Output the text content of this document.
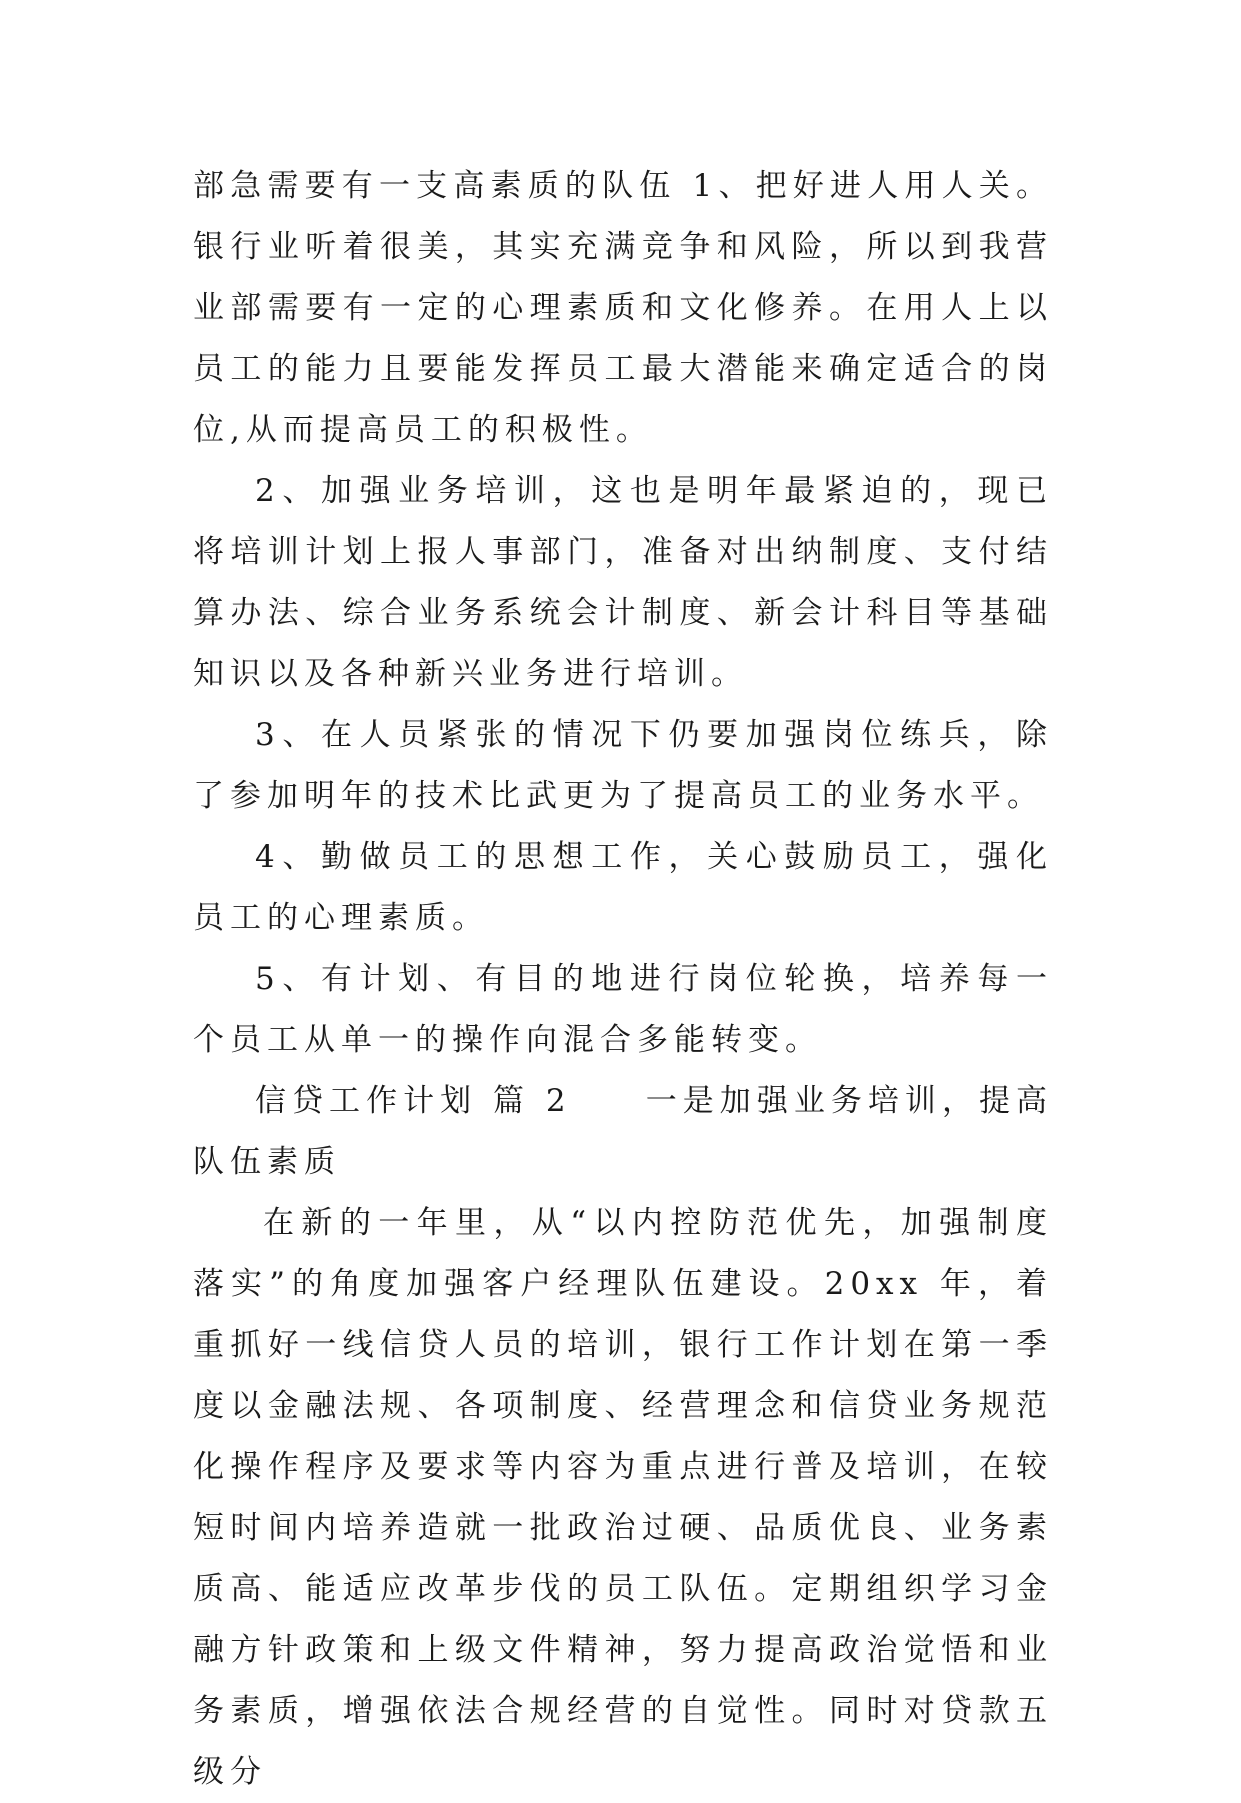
部急需要有一支高素质的队伍 1、把好进人用人关。银行业听着很美，其实充满竞争和风险，所以到我营业部需要有一定的心理素质和文化修养。在用人上以员工的能力且要能发挥员工最大潜能来确定适合的岗位,从而提高员工的积极性。

2、加强业务培训，这也是明年最紧迫的，现已将培训计划上报人事部门，准备对出纳制度、支付结算办法、综合业务系统会计制度、新会计科目等基础知识以及各种新兴业务进行培训。

3、在人员紧张的情况下仍要加强岗位练兵，除了参加明年的技术比武更为了提高员工的业务水平。

4、勤做员工的思想工作，关心鼓励员工，强化员工的心理素质。

5、有计划、有目的地进行岗位轮换，培养每一个员工从单一的操作向混合多能转变。

信贷工作计划 篇 2　　一是加强业务培训，提高队伍素质

在新的一年里，从“以内控防范优先，加强制度落实”的角度加强客户经理队伍建设。20xx 年，着重抓好一线信贷人员的培训，银行工作计划在第一季度以金融法规、各项制度、经营理念和信贷业务规范化操作程序及要求等内容为重点进行普及培训，在较短时间内培养造就一批政治过硬、品质优良、业务素质高、能适应改革步伐的员工队伍。定期组织学习金融方针政策和上级文件精神，努力提高政治觉悟和业务素质，增强依法合规经营的自觉性。同时对贷款五级分
